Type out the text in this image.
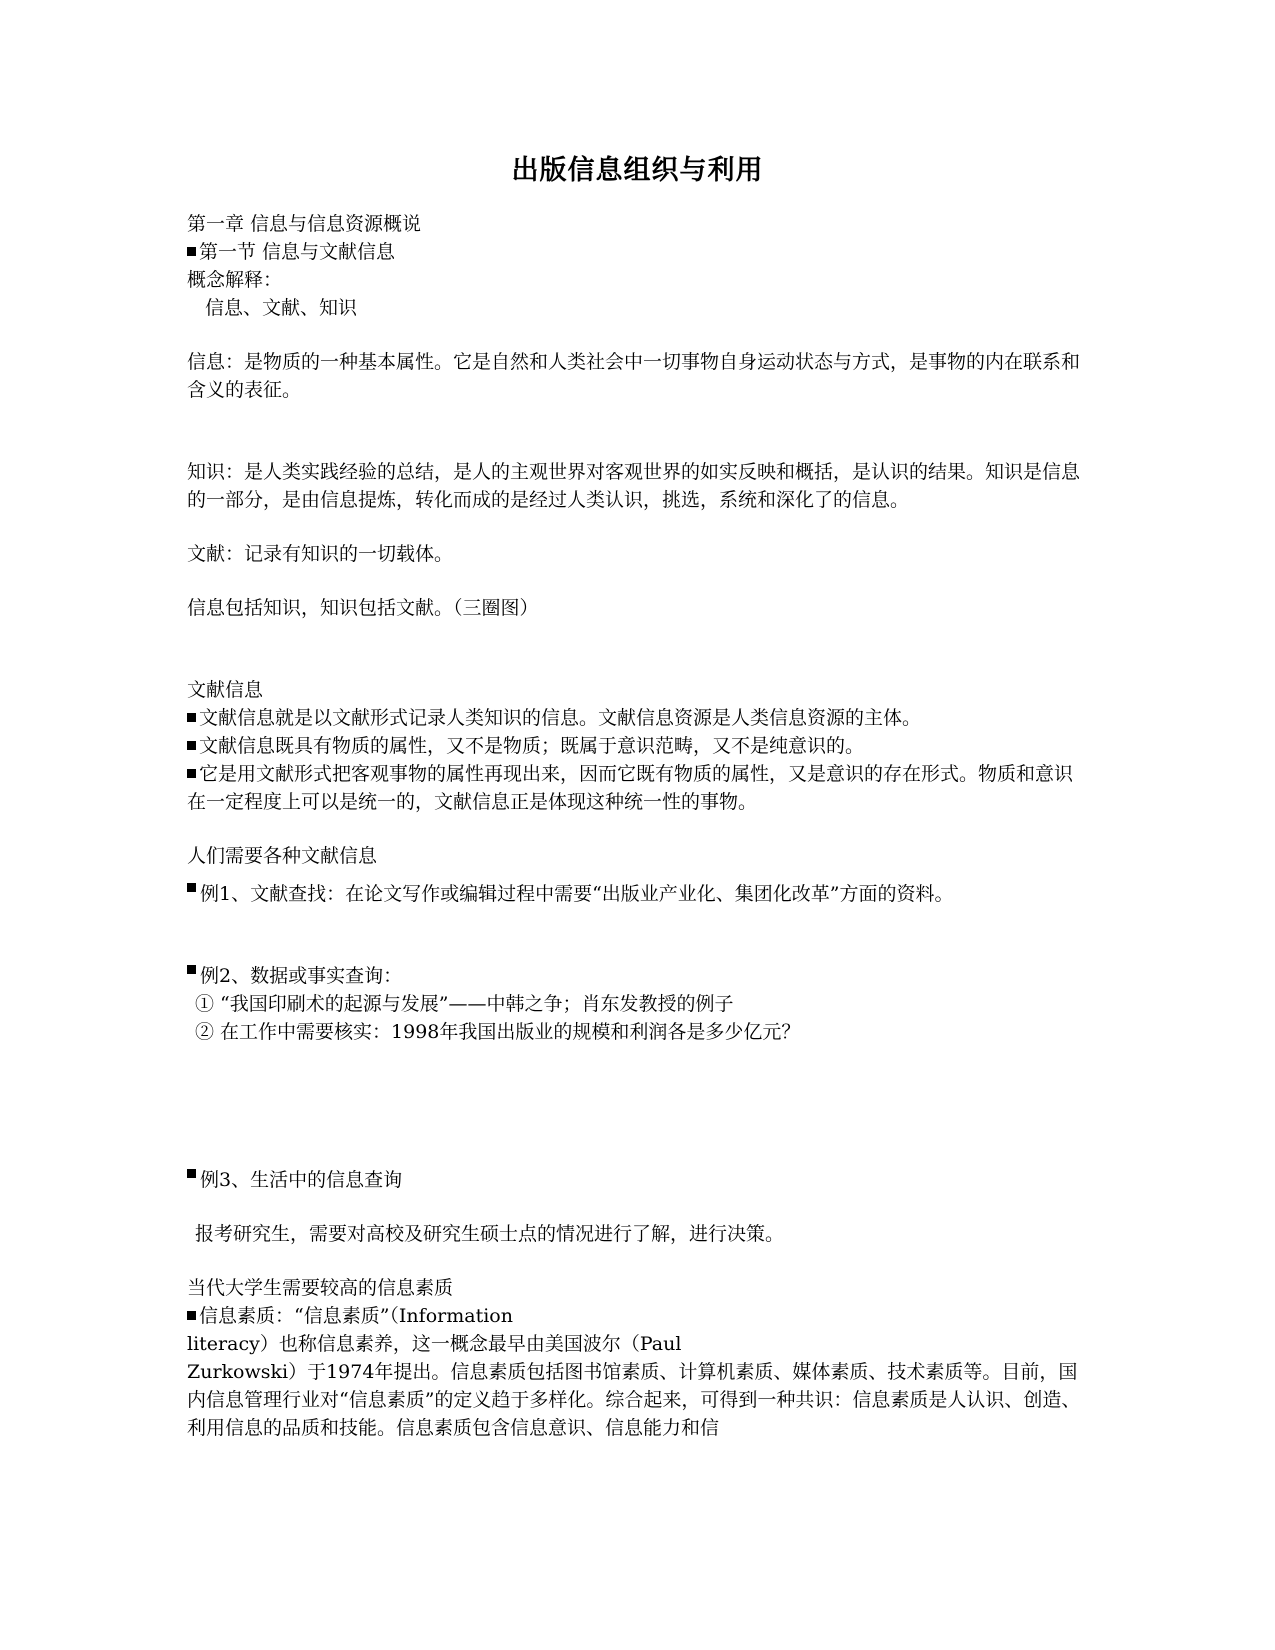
出版信息组织与利用

第一章 信息与信息资源概说

第一节 信息与文献信息

概念解释：

信息、文献、知识

信息：是物质的一种基本属性。它是自然和人类社会中一切事物自身运动状态与方式，是事物的内在联系和含义的表征。

知识：是人类实践经验的总结，是人的主观世界对客观世界的如实反映和概括，是认识的结果。知识是信息的一部分，是由信息提炼，转化而成的是经过人类认识，挑选，系统和深化了的信息。

文献：记录有知识的一切载体。

信息包括知识，知识包括文献。（三圈图）

文献信息

文献信息就是以文献形式记录人类知识的信息。文献信息资源是人类信息资源的主体。

文献信息既具有物质的属性，又不是物质；既属于意识范畴，又不是纯意识的。

它是用文献形式把客观事物的属性再现出来，因而它既有物质的属性，又是意识的存在形式。物质和意识在一定程度上可以是统一的，文献信息正是体现这种统一性的事物。

人们需要各种文献信息

例1、文献查找：在论文写作或编辑过程中需要“出版业产业化、集团化改革”方面的资料。

例2、数据或事实查询：

① “我国印刷术的起源与发展”——中韩之争；肖东发教授的例子

② 在工作中需要核实：1998年我国出版业的规模和利润各是多少亿元？

例3、生活中的信息查询

报考研究生，需要对高校及研究生硕士点的情况进行了解，进行决策。

当代大学生需要较高的信息素质

信息素质：“信息素质”（Information

literacy）也称信息素养，这一概念最早由美国波尔（Paul

Zurkowski）于1974年提出。信息素质包括图书馆素质、计算机素质、媒体素质、技术素质等。目前，国内信息管理行业对“信息素质”的定义趋于多样化。综合起来，可得到一种共识：信息素质是人认识、创造、利用信息的品质和技能。信息素质包含信息意识、信息能力和信
